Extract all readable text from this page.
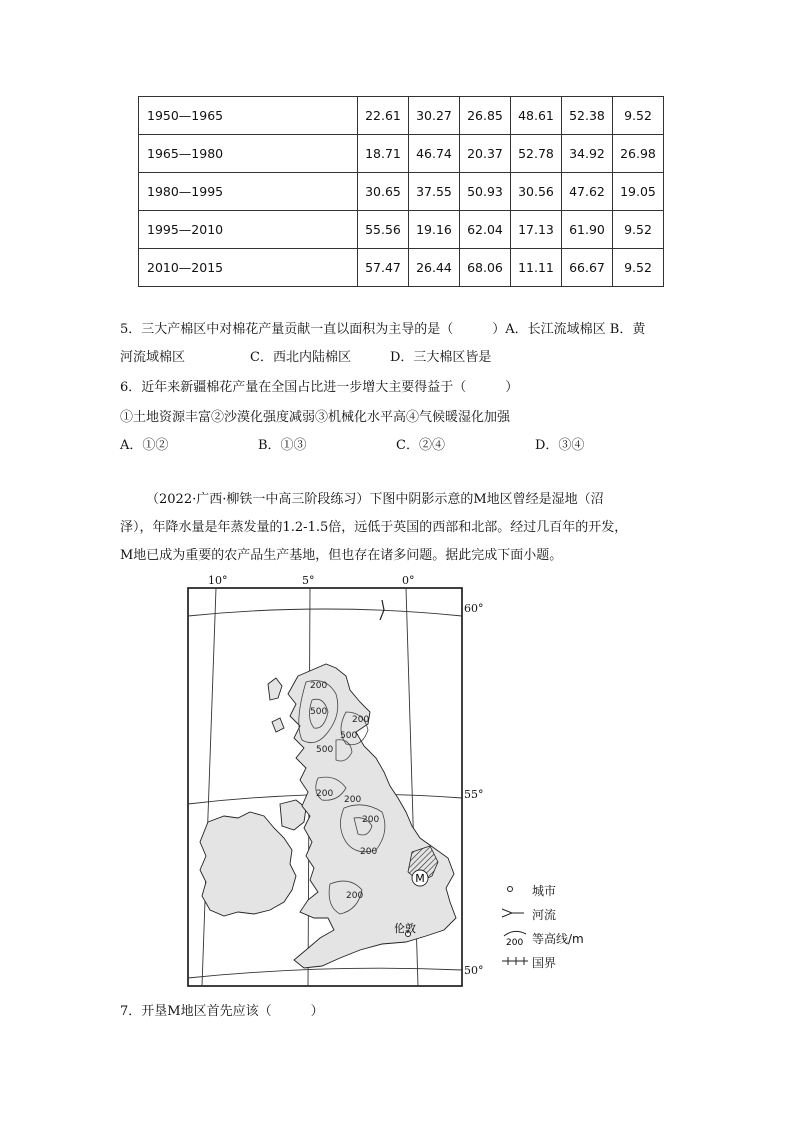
1950—1965	22.61	30.27	26.85	48.61	52.38	9.52
1965—1980	18.71	46.74	20.37	52.78	34.92	26.98
1980—1995	30.65	37.55	50.93	30.56	47.62	19.05
1995—2010	55.56	19.16	62.04	17.13	61.90	9.52
2010—2015	57.47	26.44	68.06	11.11	66.67	9.52
5．三大产棉区中对棉花产量贡献一直以面积为主导的是（　　　）A．长江流域棉区 B．黄
河流域棉区　　　　　C．西北内陆棉区　　　D．三大棉区皆是
6．近年来新疆棉花产量在全国占比进一步增大主要得益于（　　　）
①土地资源丰富②沙漠化强度减弱③机械化水平高④气候暖湿化加强
A．①②	B．①③	C．②④	D．③④
（2022·广西·柳铁一中高三阶段练习）下图中阴影示意的M地区曾经是湿地（沼
泽），年降水量是年蒸发量的1.2-1.5倍，远低于英国的西部和北部。经过几百年的开发，
M地已成为重要的农产品生产基地，但也存在诸多问题。据此完成下面小题。
M
伦敦
200
500
200
500
500
200
200
200
200
200
10°	5°	0°
60°
55°
50°
城市
河流
200 等高线/m
国界
7．开垦M地区首先应该（　　　）
